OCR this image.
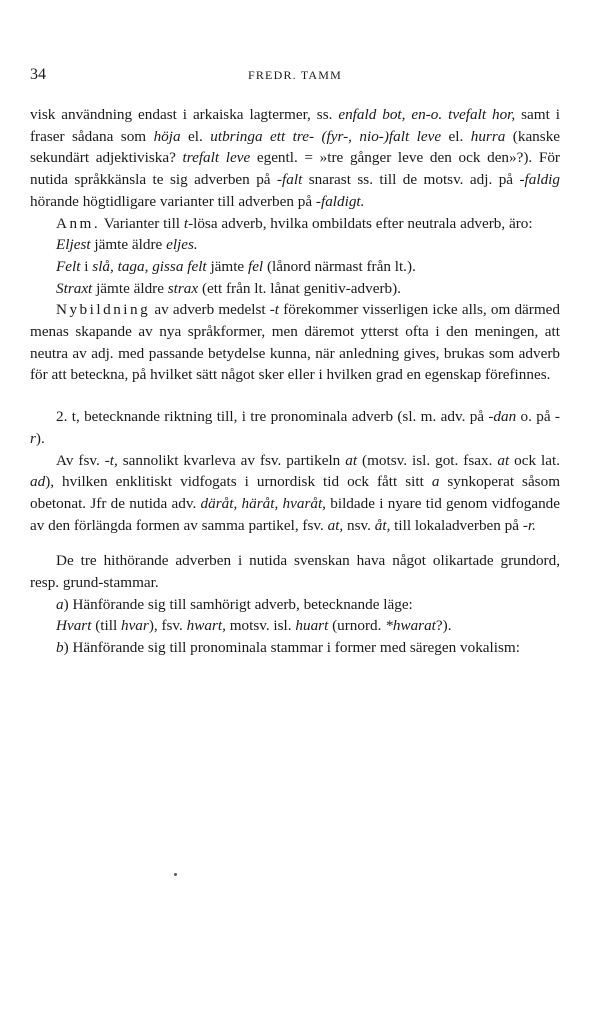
34	FREDR. TAMM

visk användning endast i arkaiska lagtermer, ss. enfald bot, en-o. tvefalt hor, samt i fraser sådana som höja el. utbringa ett tre- (fyr-, nio-)falt leve el. hurra (kanske sekundärt adjektiviska? trefalt leve egentl. = »tre gånger leve den ock den»?). För nutida språkkänsla te sig adverben på -falt snarast ss. till de motsv. adj. på -faldig hörande högtidligare varianter till adverben på -faldigt.

Anm. Varianter till t-lösa adverb, hvilka ombildats efter neutrala adverb, äro:

Eljest jämte äldre eljes.

Felt i slå, taga, gissa felt jämte fel (lånord närmast från lt.).

Straxt jämte äldre strax (ett från lt. lånat genitiv-adverb).

Nybildning av adverb medelst -t förekommer visserligen icke alls, om därmed menas skapande av nya språkformer, men däremot ytterst ofta i den meningen, att neutra av adj. med passande betydelse kunna, när anledning gives, brukas som adverb för att beteckna, på hvilket sätt något sker eller i hvilken grad en egenskap förefinnes.

2. t, betecknande riktning till, i tre pronominala adverb (sl. m. adv. på -dan o. på -r).

Av fsv. -t, sannolikt kvarleva av fsv. partikeln at (motsv. isl. got. fsax. at ock lat. ad), hvilken enklitiskt vidfogats i urnordisk tid ock fått sitt a synkoperat såsom obetonat. Jfr de nutida adv. däråt, häråt, hvaråt, bildade i nyare tid genom vidfogande av den förlängda formen av samma partikel, fsv. at, nsv. åt, till lokaladverben på -r.

De tre hithörande adverben i nutida svenskan hava något olikartade grundord, resp. grund-stammar.

a) Hänförande sig till samhörigt adverb, betecknande läge:

Hvart (till hvar), fsv. hwart, motsv. isl. huart (urnord. *hwarat?).

b) Hänförande sig till pronominala stammar i former med säregen vokalism:
